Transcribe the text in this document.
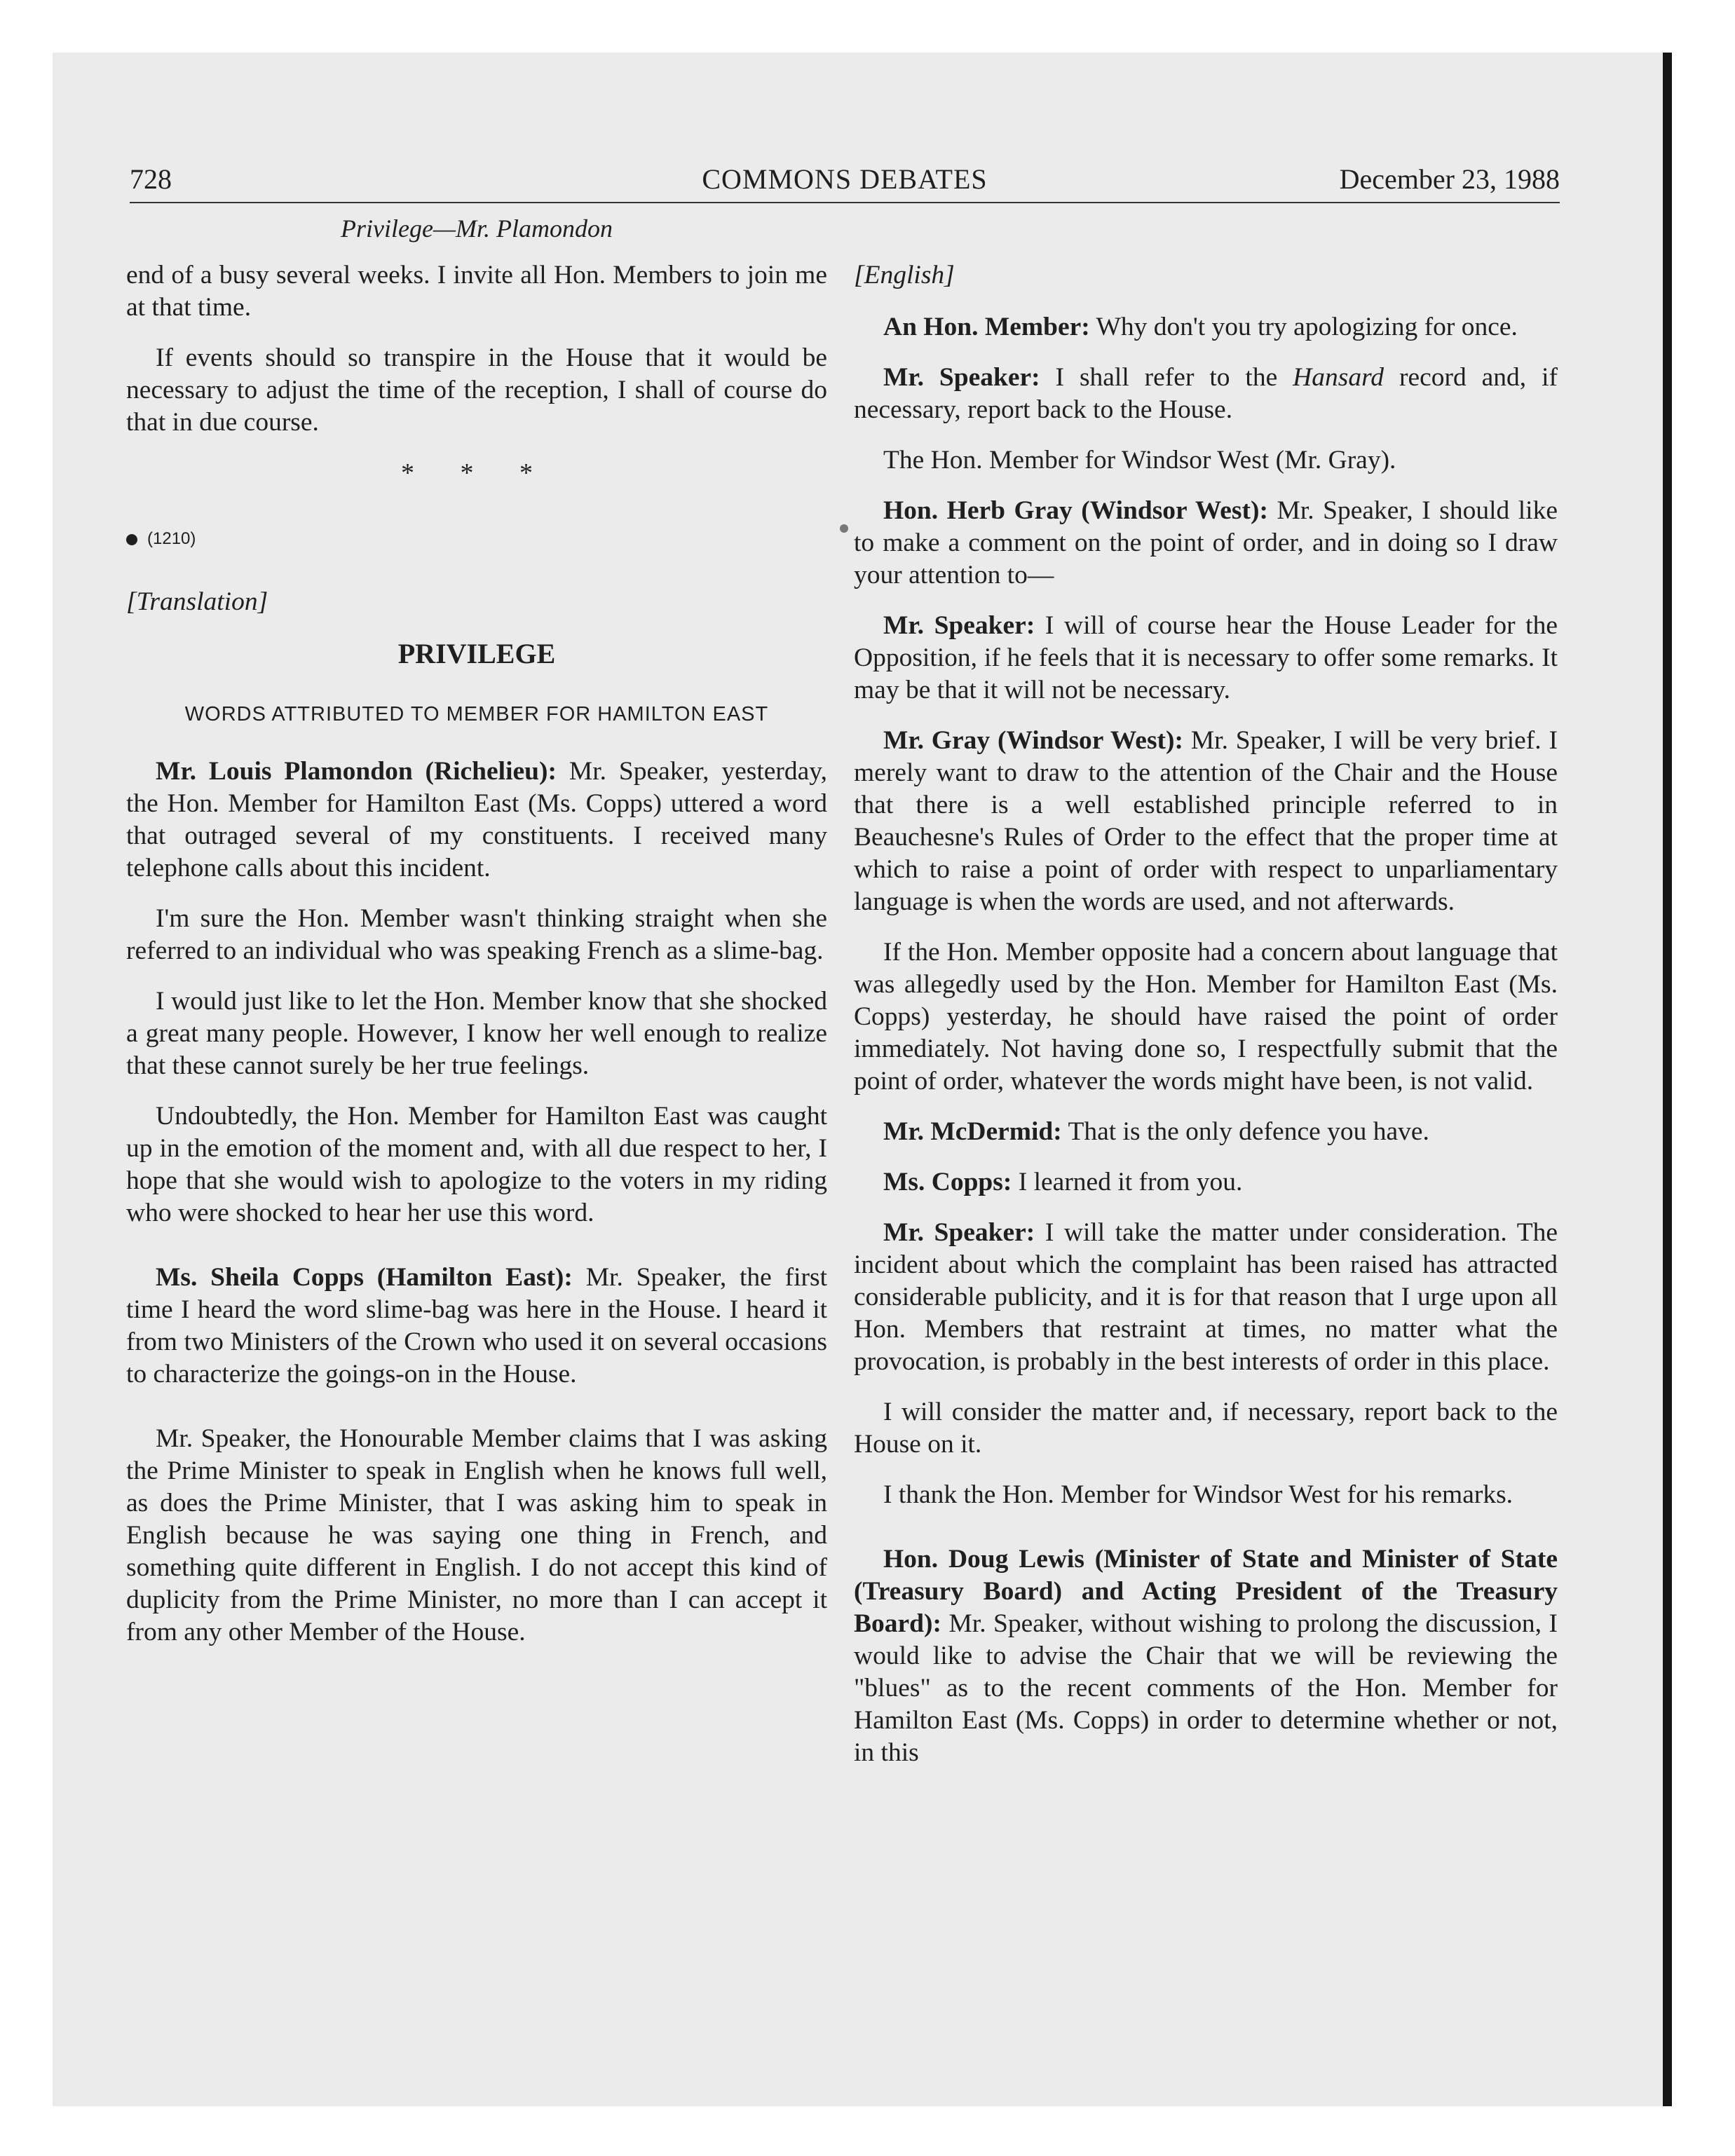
728	COMMONS DEBATES	December 23, 1988
Privilege—Mr. Plamondon

end of a busy several weeks. I invite all Hon. Members to join me at that time.

If events should so transpire in the House that it would be necessary to adjust the time of the reception, I shall of course do that in due course.

* * *
(1210)
[Translation]
PRIVILEGE
WORDS ATTRIBUTED TO MEMBER FOR HAMILTON EAST

Mr. Louis Plamondon (Richelieu): Mr. Speaker, yesterday, the Hon. Member for Hamilton East (Ms. Copps) uttered a word that outraged several of my constituents. I received many telephone calls about this incident.

I'm sure the Hon. Member wasn't thinking straight when she referred to an individual who was speaking French as a slime-bag.

I would just like to let the Hon. Member know that she shocked a great many people. However, I know her well enough to realize that these cannot surely be her true feelings.

Undoubtedly, the Hon. Member for Hamilton East was caught up in the emotion of the moment and, with all due respect to her, I hope that she would wish to apologize to the voters in my riding who were shocked to hear her use this word.

Ms. Sheila Copps (Hamilton East): Mr. Speaker, the first time I heard the word slime-bag was here in the House. I heard it from two Ministers of the Crown who used it on several occasions to characterize the goings-on in the House.

Mr. Speaker, the Honourable Member claims that I was asking the Prime Minister to speak in English when he knows full well, as does the Prime Minister, that I was asking him to speak in English because he was saying one thing in French, and something quite different in English. I do not accept this kind of duplicity from the Prime Minister, no more than I can accept it from any other Member of the House.

[English]

An Hon. Member: Why don't you try apologizing for once.

Mr. Speaker: I shall refer to the Hansard record and, if necessary, report back to the House.

The Hon. Member for Windsor West (Mr. Gray).

Hon. Herb Gray (Windsor West): Mr. Speaker, I should like to make a comment on the point of order, and in doing so I draw your attention to—

Mr. Speaker: I will of course hear the House Leader for the Opposition, if he feels that it is necessary to offer some remarks. It may be that it will not be necessary.

Mr. Gray (Windsor West): Mr. Speaker, I will be very brief. I merely want to draw to the attention of the Chair and the House that there is a well established principle referred to in Beauchesne's Rules of Order to the effect that the proper time at which to raise a point of order with respect to unparliamentary language is when the words are used, and not afterwards.

If the Hon. Member opposite had a concern about language that was allegedly used by the Hon. Member for Hamilton East (Ms. Copps) yesterday, he should have raised the point of order immediately. Not having done so, I respectfully submit that the point of order, whatever the words might have been, is not valid.

Mr. McDermid: That is the only defence you have.

Ms. Copps: I learned it from you.

Mr. Speaker: I will take the matter under consideration. The incident about which the complaint has been raised has attracted considerable publicity, and it is for that reason that I urge upon all Hon. Members that restraint at times, no matter what the provocation, is probably in the best interests of order in this place.

I will consider the matter and, if necessary, report back to the House on it.

I thank the Hon. Member for Windsor West for his remarks.

Hon. Doug Lewis (Minister of State and Minister of State (Treasury Board) and Acting President of the Treasury Board): Mr. Speaker, without wishing to prolong the discussion, I would like to advise the Chair that we will be reviewing the "blues" as to the recent comments of the Hon. Member for Hamilton East (Ms. Copps) in order to determine whether or not, in this
